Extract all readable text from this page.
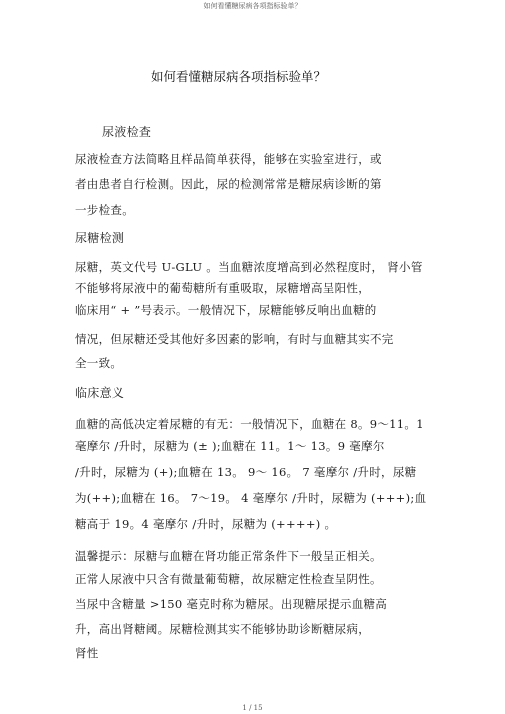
如何看懂糖尿病各项指标验单？
如何看懂糖尿病各项指标验单？
尿液检查
尿液检查方法简略且样品简单获得，能够在实验室进行，或
者由患者自行检测。因此，尿的检测常常是糖尿病诊断的第
一步检查。
尿糖检测
尿糖，英文代号 U-GLU 。当血糖浓度增高到必然程度时， 肾小管
不能够将尿液中的葡萄糖所有重吸取，尿糖增高呈阳性，
临床用“ + ”号表示。一般情况下，尿糖能够反响出血糖的
情况，但尿糖还受其他好多因素的影响，有时与血糖其实不完
全一致。
临床意义
血糖的高低决定着尿糖的有无：一般情况下，血糖在 8。9～11。1
毫摩尔 /升时，尿糖为 (± );血糖在 11。1～ 13。9 毫摩尔
/升时，尿糖为 (+);血糖在 13。 9～ 16。 7 毫摩尔 /升时，尿糖
为(++);血糖在 16。 7～19。 4 毫摩尔 /升时，尿糖为 (+++);血
糖高于 19。4 毫摩尔 /升时，尿糖为 (++++) 。
温馨提示：尿糖与血糖在肾功能正常条件下一般呈正相关。
正常人尿液中只含有微量葡萄糖，故尿糖定性检查呈阴性。
当尿中含糖量 >150 毫克时称为糖尿。出现糖尿提示血糖高
升，高出肾糖阈。尿糖检测其实不能够协助诊断糖尿病，
肾性
1 / 15
